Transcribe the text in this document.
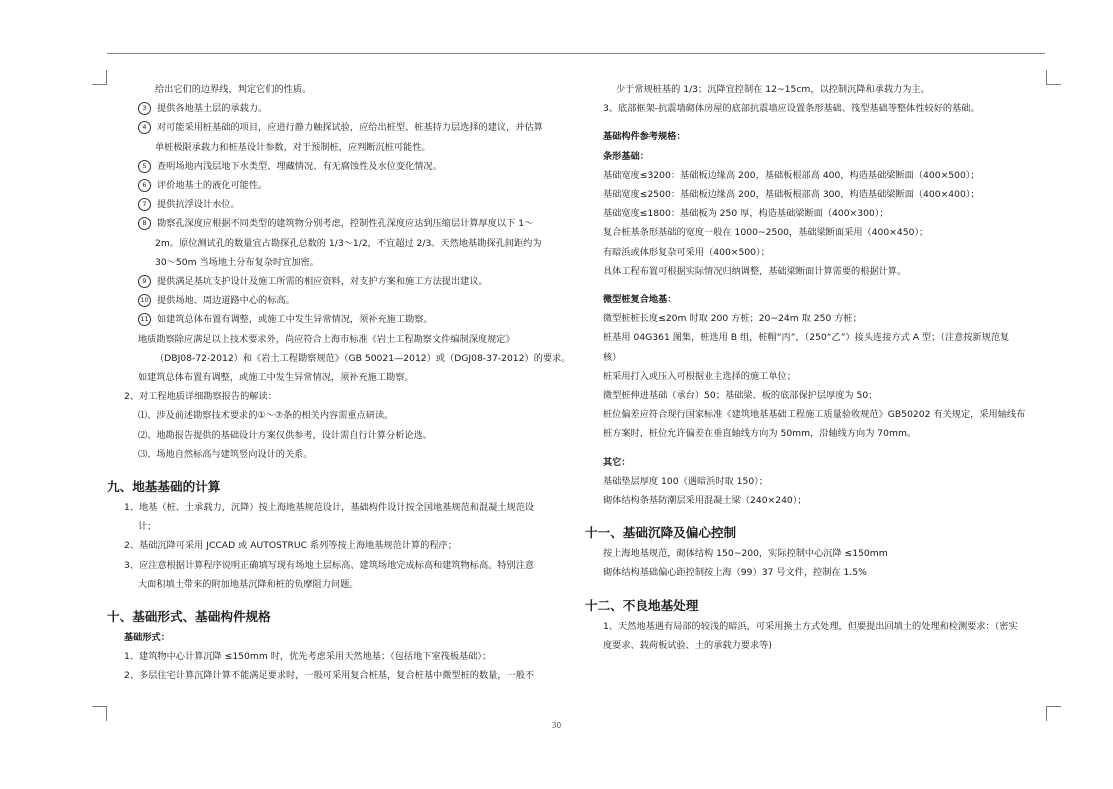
给出它们的边界线，判定它们的性质。
3 提供各地基土层的承载力。
4 对可能采用桩基础的项目，应进行静力触探试验，应给出桩型、桩基持力层选择的建议，并估算
单桩极限承载力和桩基设计参数，对于预制桩，应判断沉桩可能性。
5 查明场地内浅层地下水类型、埋藏情况、有无腐蚀性及水位变化情况。
6 评价地基土的液化可能性。
7 提供抗浮设计水位。
8 勘察孔深度应根据不同类型的建筑物分别考虑，控制性孔深度应达到压缩层计算厚度以下 1～
2m。原位测试孔的数量宜占勘探孔总数的 1/3～1/2，不宜超过 2/3。天然地基勘探孔间距约为
30～50m 当场地土分布复杂时宜加密。
9 提供满足基坑支护设计及施工所需的相应资料，对支护方案和施工方法提出建议。
10 提供场地、周边道路中心的标高。
11 如建筑总体布置有调整，或施工中发生异常情况，须补充施工勘察。
地质勘察除应满足以上技术要求外，尚应符合上海市标准《岩土工程勘察文件编制深度规定》
（DBJ08-72-2012）和《岩土工程勘察规范》（GB 50021—2012）或（DGJ08-37-2012）的要求。
如建筑总体布置有调整，或施工中发生异常情况，须补充施工勘察。
2、对工程地质详细勘察报告的解读：
⑴、涉及前述勘察技术要求的①～⑦条的相关内容需重点研读。
⑵、地勘报告提供的基础设计方案仅供参考，设计需自行计算分析论选。
⑶、场地自然标高与建筑竖向设计的关系。
九、地基基础的计算
1、地基（桩、土承载力，沉降）按上海地基规范设计，基础构件设计按全国地基规范和混凝土规范设
计；
2、基础沉降可采用 JCCAD 或 AUTOSTRUC 系列等按上海地基规范计算的程序；
3、应注意根据计算程序说明正确填写现有场地土层标高、建筑场地完成标高和建筑物标高。特别注意
大面积填土带来的附加地基沉降和桩的负摩阻力问题。
十、基础形式、基础构件规格
基础形式：
1、建筑物中心计算沉降 ≤150mm 时，优先考虑采用天然地基；（包括地下室筏板基础）；
2、多层住宅计算沉降计算不能满足要求时，一般可采用复合桩基，复合桩基中微型桩的数量，一般不
少于常规桩基的 1/3；沉降宜控制在 12~15cm，以控制沉降和承载力为主。
3、底部框架-抗震墙砌体房屋的底部抗震墙应设置条形基础、筏型基础等整体性较好的基础。
基础构件参考规格：
条形基础：
基础宽度≤3200：基础板边缘高 200，基础板根部高 400，构造基础梁断面（400×500）；
基础宽度≤2500：基础板边缘高 200，基础板根部高 300，构造基础梁断面（400×400）；
基础宽度≤1800：基础板为 250 厚，构造基础梁断面（400×300）；
复合桩基条形基础的宽度一般在 1000~2500，基础梁断面采用（400×450）；
有暗浜或体形复杂可采用（400×500）；
具体工程布置可根据实际情况归纳调整，基础梁断面计算需要的根据计算。
微型桩复合地基：
微型桩桩长度≤20m 时取 200 方桩；20~24m 取 250 方桩；
桩基用 04G361 图集，桩选用 B 组，桩帽“丙”，（250“乙”）接头连接方式 A 型；（注意按新规范复
核）
桩采用打入或压入可根据业主选择的施工单位；
微型桩伸进基础（承台）50；基础梁、板的底部保护层厚度为 50；
桩位偏差应符合现行国家标准《建筑地基基础工程施工质量验收规范》GB50202 有关规定，采用轴线布
桩方案时，桩位允许偏差在垂直轴线方向为 50mm，沿轴线方向为 70mm。
其它：
基础垫层厚度 100（遇暗浜时取 150）；
砌体结构条基防潮层采用混凝土梁（240×240）；
十一、基础沉降及偏心控制
按上海地基规范，砌体结构 150~200，实际控制中心沉降 ≤150mm
砌体结构基础偏心距控制按上海（99）37 号文件，控制在 1.5%
十二、不良地基处理
1、天然地基遇有局部的较浅的暗浜，可采用换土方式处理，但要提出回填土的处理和检测要求：（密实
度要求、载荷板试验、土的承载力要求等)
30
